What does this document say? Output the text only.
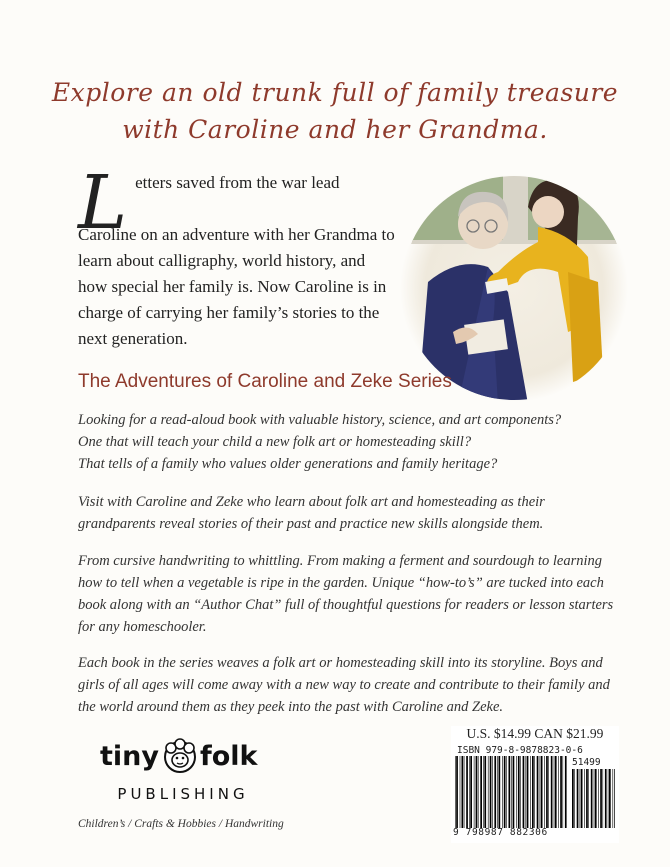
Explore an old trunk full of family treasure
with Caroline and her Grandma.
L etters saved from the war lead
Caroline on an adventure with her Grandma to learn about calligraphy, world history, and how special her family is. Now Caroline is in charge of carrying her family’s stories to the next generation.
The Adventures of Caroline and Zeke Series
Looking for a read-aloud book with valuable history, science, and art components?
One that will teach your child a new folk art or homesteading skill?
That tells of a family who values older generations and family heritage?
Visit with Caroline and Zeke who learn about folk art and homesteading as their grandparents reveal stories of their past and practice new skills alongside them.
From cursive handwriting to whittling. From making a ferment and sourdough to learning how to tell when a vegetable is ripe in the garden. Unique “how-to’s” are tucked into each book along with an “Author Chat” full of thoughtful questions for readers or lesson starters for any homeschooler.
Each book in the series weaves a folk art or homesteading skill into its storyline. Boys and girls of all ages will come away with a new way to create and contribute to their family and the world around them as they peek into the past with Caroline and Zeke.
tiny folk
PUBLISHING
Children’s / Crafts & Hobbies / Handwriting
U.S. $14.99 CAN $21.99
ISBN 979-8-9878823-0-6
51499
9 798987 882306
